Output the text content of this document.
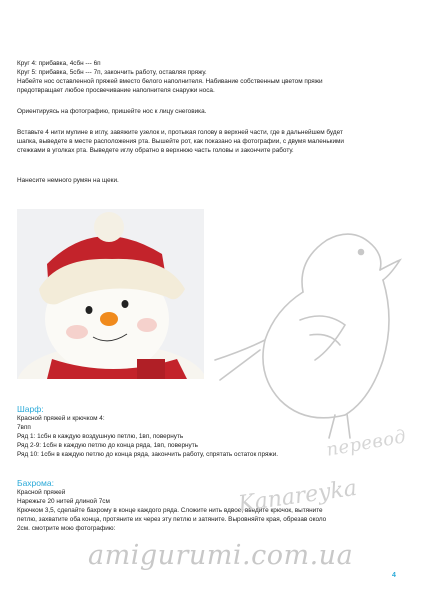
Круг 4: прибавка, 4сбн --- 6п

Круг 5: прибавка, 5сбн --- 7п, закончить работу, оставляя пряжу.

Набейте нос оставленной пряжей вместо белого наполнителя. Набивание собственным цветом пряжи

предотвращает любое просвечивание наполнителя снаружи носа.

Ориентируясь на фотографию, пришейте нос к лицу снеговика.

Вставьте 4 нити мулине в иглу, завяжите узелок и, протыкая голову в верхней части, где в дальнейшем будет

шапка, выведете в месте расположения рта. Вышейте рот, как показано на фотографии, с двумя маленькими

стежками в уголках рта. Выведете иглу обратно в верхнюю часть головы и закончите работу.

Нанесите немного румян на щеки.

Шарф:

Красной пряжей и крючком 4:

7впп

Ряд 1: 1сбн в каждую воздушную петлю, 1вп, повернуть

Ряд 2-9: 1сбн в каждую петлю до конца ряда, 1вп, повернуть

Ряд 10: 1сбн в каждую петлю до конца ряда, закончить работу, спрятать остаток пряжи.

Бахрома:

Красной пряжей

Нарежьте 20 нитей длиной 7см

Крючком 3,5, сделайте бахрому в конце каждого ряда. Сложите нить вдвое, введите крючок, вытяните

петлю, захватите оба конца, протяните их через эту петлю и затяните. Выровняйте края, обрезав около

2см. смотрите мою фотографию:

перевод
Kanareyka
amigurumi.com.ua
4
